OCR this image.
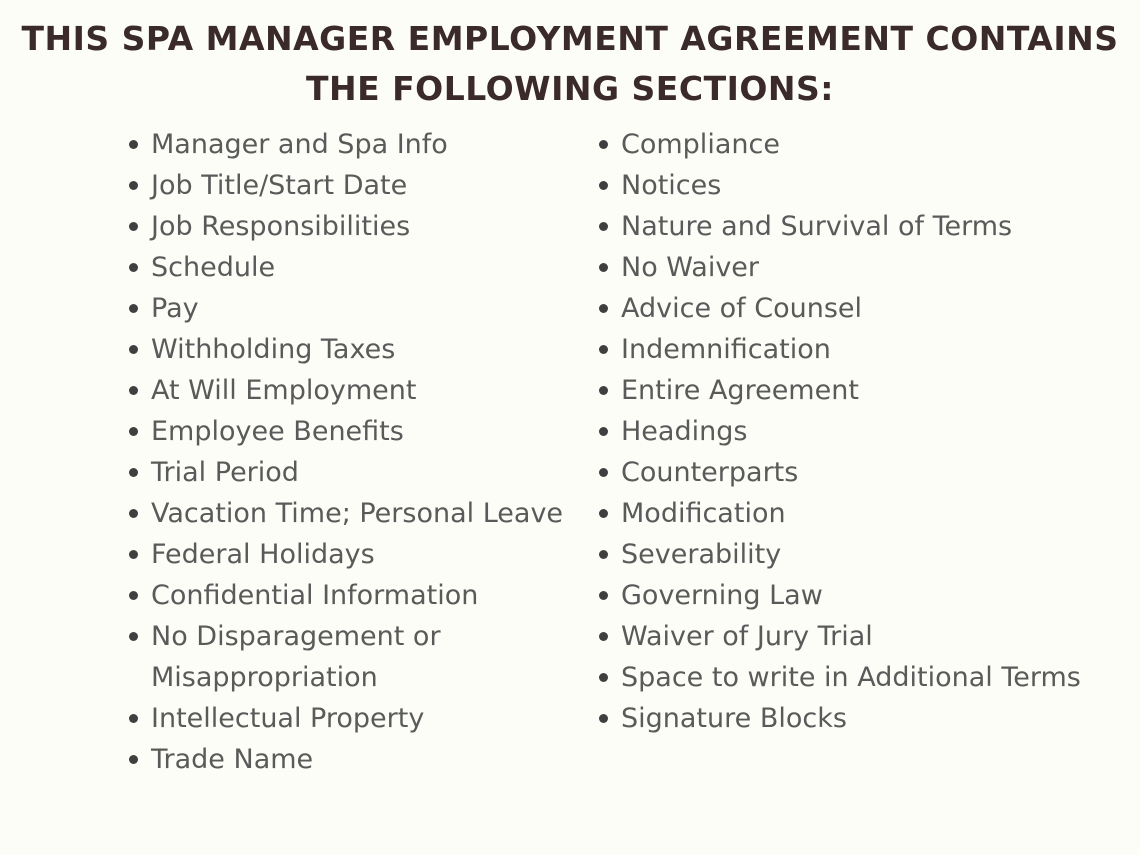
THIS SPA MANAGER EMPLOYMENT AGREEMENT CONTAINS
THE FOLLOWING SECTIONS:
Manager and Spa Info
Job Title/Start Date
Job Responsibilities
Schedule
Pay
Withholding Taxes
At Will Employment
Employee Benefits
Trial Period
Vacation Time; Personal Leave
Federal Holidays
Confidential Information
No Disparagement or Misappropriation
Intellectual Property
Trade Name
Compliance
Notices
Nature and Survival of Terms
No Waiver
Advice of Counsel
Indemnification
Entire Agreement
Headings
Counterparts
Modification
Severability
Governing Law
Waiver of Jury Trial
Space to write in Additional Terms
Signature Blocks
